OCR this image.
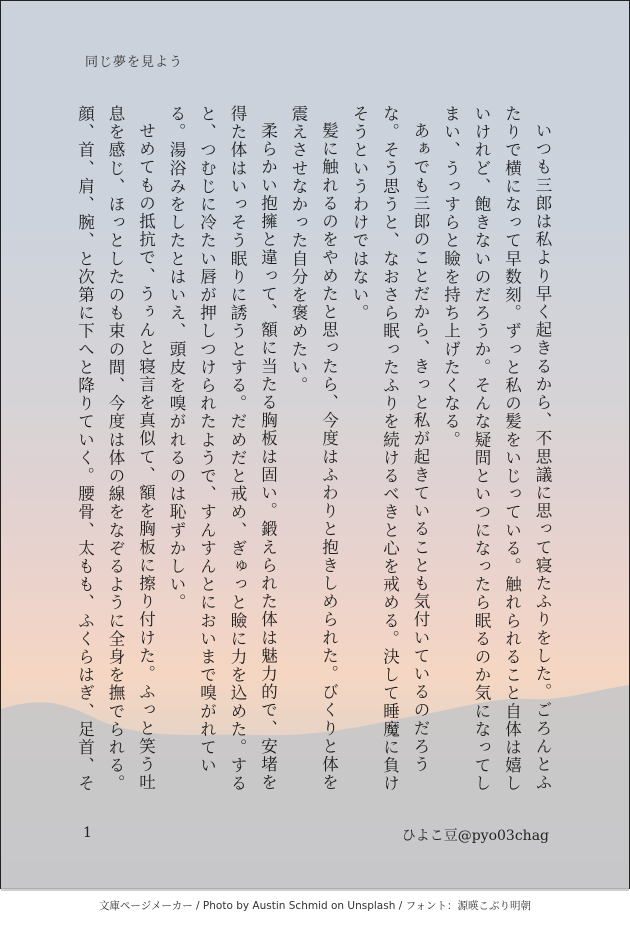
同じ夢を見よう

いつも三郎は私より早く起きるから、不思議に思って寝たふりをした。ごろんとふたりで横になって早数刻。ずっと私の髪をいじっている。触れられること自体は嬉しいけれど、飽きないのだろうか。そんな疑問といつになったら眠るのか気になってしまい、うっすらと瞼を持ち上げたくなる。

あぁでも三郎のことだから、きっと私が起きていることも気付いているのだろうな。そう思うと、なおさら眠ったふりを続けるべきと心を戒める。決して睡魔に負けそうというわけではない。

髪に触れるのをやめたと思ったら、今度はふわりと抱きしめられた。びくりと体を震えさせなかった自分を褒めたい。

柔らかい抱擁と違って、額に当たる胸板は固い。鍛えられた体は魅力的で、安堵を得た体はいっそう眠りに誘うとする。だめだと戒め、ぎゅっと瞼に力を込めた。すると、つむじに冷たい唇が押しつけられたようで、すんすんとにおいまで嗅がれている。湯浴みをしたとはいえ、頭皮を嗅がれるのは恥ずかしい。

せめてもの抵抗で、うぅんと寝言を真似て、額を胸板に擦り付けた。ふっと笑う吐息を感じ、ほっとしたのも束の間、今度は体の線をなぞるように全身を撫でられる。顔、首、肩、腕、と次第に下へと降りていく。腰骨、太もも、ふくらはぎ、足首、そ

1	ひよこ豆@pyo03chag
文庫ページメーカー / Photo by Austin Schmid on Unsplash / フォント：源暎こぶり明朝
